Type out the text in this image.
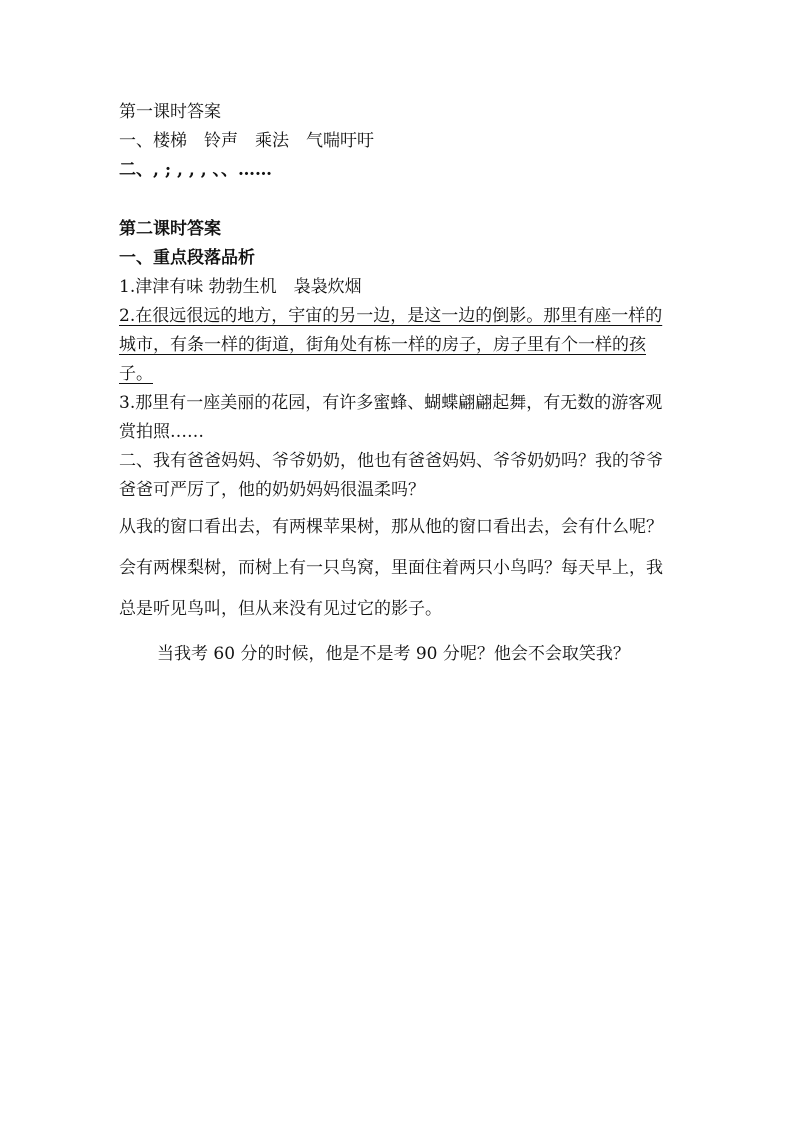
第一课时答案
一、楼梯　铃声　乘法　气喘吁吁
二、, ; , , , 、、……
第二课时答案
一、重点段落品析
1.津津有味 勃勃生机　袅袅炊烟
2.在很远很远的地方，宇宙的另一边，是这一边的倒影。那里有座一样的城市，有条一样的街道，街角处有栋一样的房子，房子里有个一样的孩子。
3.那里有一座美丽的花园，有许多蜜蜂、蝴蝶翩翩起舞，有无数的游客观赏拍照……
二、我有爸爸妈妈、爷爷奶奶，他也有爸爸妈妈、爷爷奶奶吗？我的爷爷爸爸可严厉了，他的奶奶妈妈很温柔吗？
从我的窗口看出去，有两棵苹果树，那从他的窗口看出去，会有什么呢？会有两棵梨树，而树上有一只鸟窝，里面住着两只小鸟吗？每天早上，我总是听见鸟叫，但从来没有见过它的影子。
当我考 60 分的时候，他是不是考 90 分呢？他会不会取笑我？
